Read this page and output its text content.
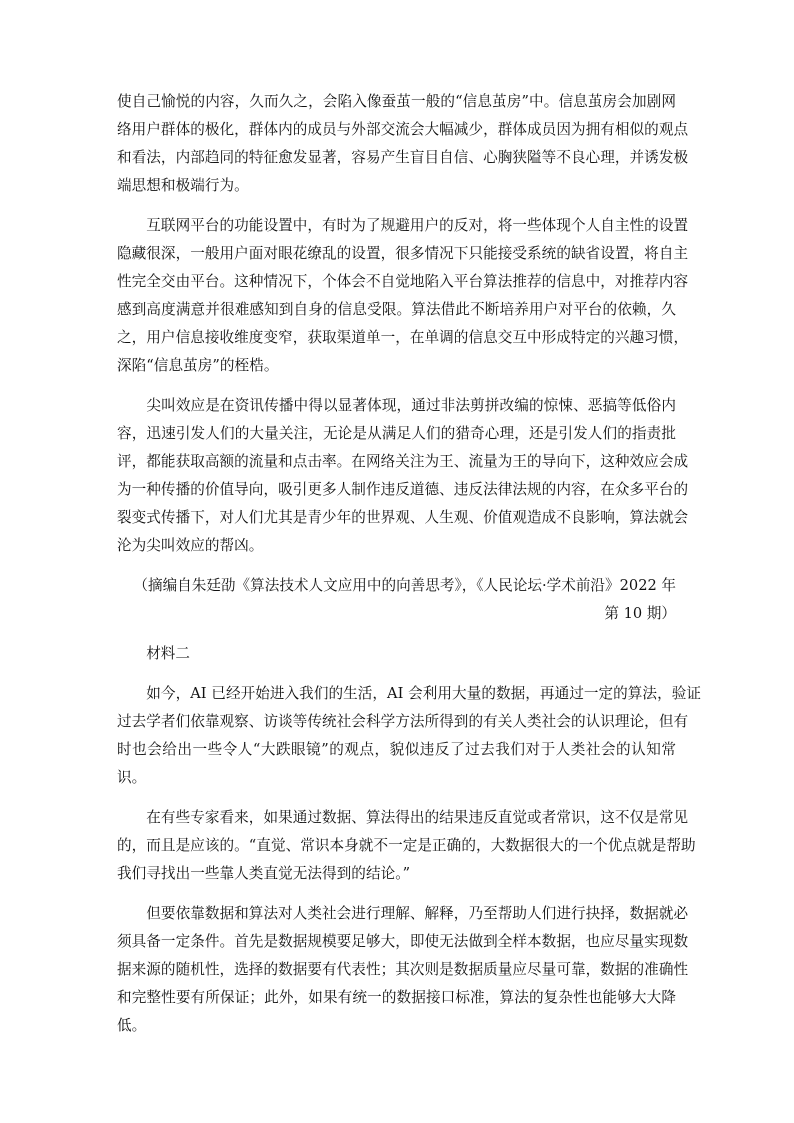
使自己愉悦的内容，久而久之，会陷入像蚕茧一般的“信息茧房”中。信息茧房会加剧网
络用户群体的极化，群体内的成员与外部交流会大幅减少，群体成员因为拥有相似的观点
和看法，内部趋同的特征愈发显著，容易产生盲目自信、心胸狭隘等不良心理，并诱发极
端思想和极端行为。

　　互联网平台的功能设置中，有时为了规避用户的反对，将一些体现个人自主性的设置
隐藏很深，一般用户面对眼花缭乱的设置，很多情况下只能接受系统的缺省设置，将自主
性完全交由平台。这种情况下，个体会不自觉地陷入平台算法推荐的信息中，对推荐内容
感到高度满意并很难感知到自身的信息受限。算法借此不断培养用户对平台的依赖，久
之，用户信息接收维度变窄，获取渠道单一，在单调的信息交互中形成特定的兴趣习惯，
深陷“信息茧房”的桎梏。

　　尖叫效应是在资讯传播中得以显著体现，通过非法剪拼改编的惊悚、恶搞等低俗内
容，迅速引发人们的大量关注，无论是从满足人们的猎奇心理，还是引发人们的指责批
评，都能获取高额的流量和点击率。在网络关注为王、流量为王的导向下，这种效应会成
为一种传播的价值导向，吸引更多人制作违反道德、违反法律法规的内容，在众多平台的
裂变式传播下，对人们尤其是青少年的世界观、人生观、价值观造成不良影响，算法就会
沦为尖叫效应的帮凶。

（摘编自朱廷劭《算法技术人文应用中的向善思考》，《人民论坛·学术前沿》2022 年
第 10 期）

　　材料二

　　如今，AI 已经开始进入我们的生活，AI 会利用大量的数据，再通过一定的算法，验证
过去学者们依靠观察、访谈等传统社会科学方法所得到的有关人类社会的认识理论，但有
时也会给出一些令人“大跌眼镜”的观点，貌似违反了过去我们对于人类社会的认知常
识。

　　在有些专家看来，如果通过数据、算法得出的结果违反直觉或者常识，这不仅是常见
的，而且是应该的。“直觉、常识本身就不一定是正确的，大数据很大的一个优点就是帮助
我们寻找出一些靠人类直觉无法得到的结论。”

　　但要依靠数据和算法对人类社会进行理解、解释，乃至帮助人们进行抉择，数据就必
须具备一定条件。首先是数据规模要足够大，即使无法做到全样本数据，也应尽量实现数
据来源的随机性，选择的数据要有代表性；其次则是数据质量应尽量可靠，数据的准确性
和完整性要有所保证；此外，如果有统一的数据接口标准，算法的复杂性也能够大大降
低。
